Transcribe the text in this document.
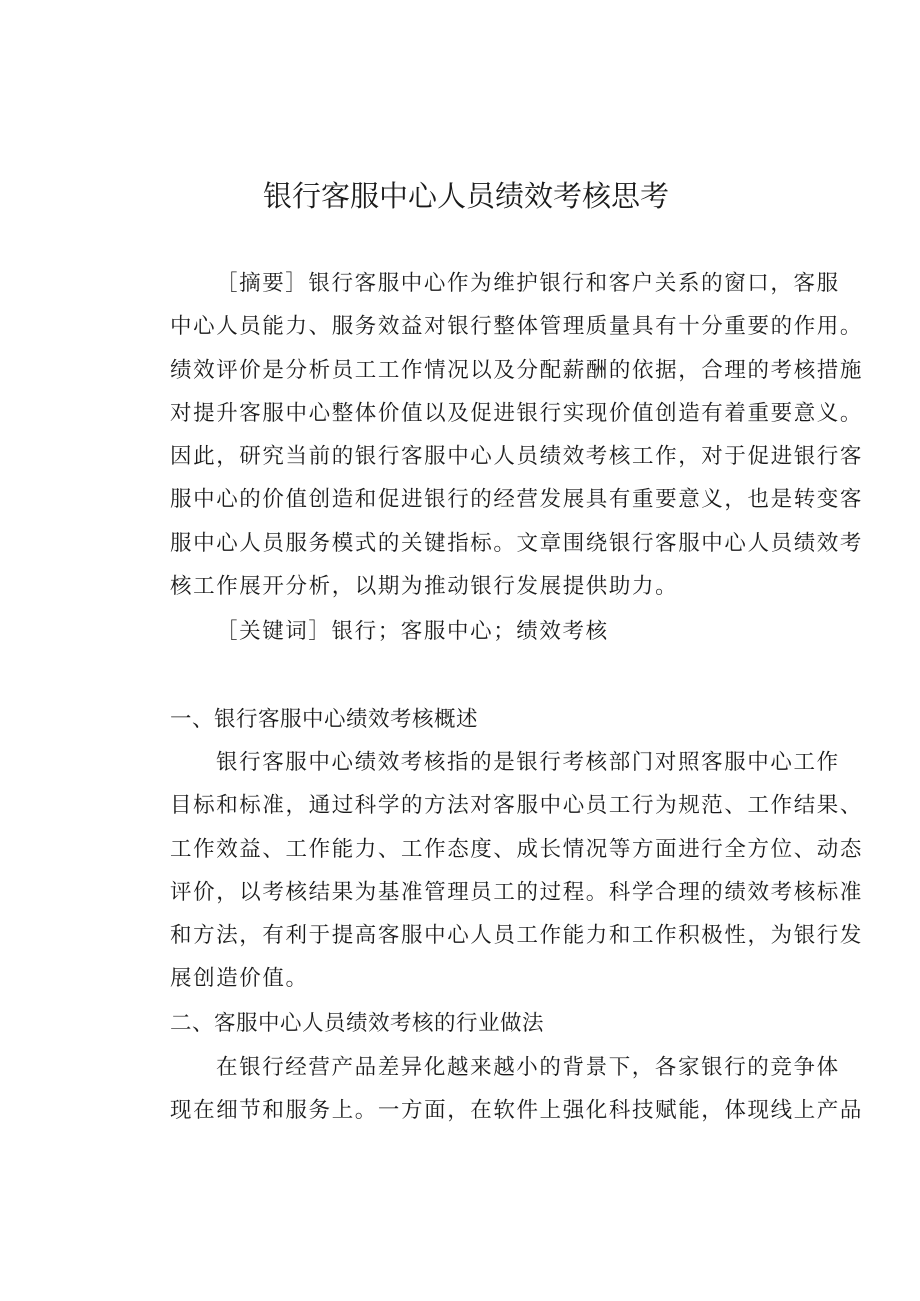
银行客服中心人员绩效考核思考
［摘要］银行客服中心作为维护银行和客户关系的窗口，客服
中心人员能力、服务效益对银行整体管理质量具有十分重要的作用。
绩效评价是分析员工工作情况以及分配薪酬的依据，合理的考核措施
对提升客服中心整体价值以及促进银行实现价值创造有着重要意义。
因此，研究当前的银行客服中心人员绩效考核工作，对于促进银行客
服中心的价值创造和促进银行的经营发展具有重要意义，也是转变客
服中心人员服务模式的关键指标。文章围绕银行客服中心人员绩效考
核工作展开分析，以期为推动银行发展提供助力。
［关键词］银行；客服中心；绩效考核
一、银行客服中心绩效考核概述
银行客服中心绩效考核指的是银行考核部门对照客服中心工作
目标和标准，通过科学的方法对客服中心员工行为规范、工作结果、
工作效益、工作能力、工作态度、成长情况等方面进行全方位、动态
评价，以考核结果为基准管理员工的过程。科学合理的绩效考核标准
和方法，有利于提高客服中心人员工作能力和工作积极性，为银行发
展创造价值。
二、客服中心人员绩效考核的行业做法
在银行经营产品差异化越来越小的背景下，各家银行的竞争体
现在细节和服务上。一方面，在软件上强化科技赋能，体现线上产品
